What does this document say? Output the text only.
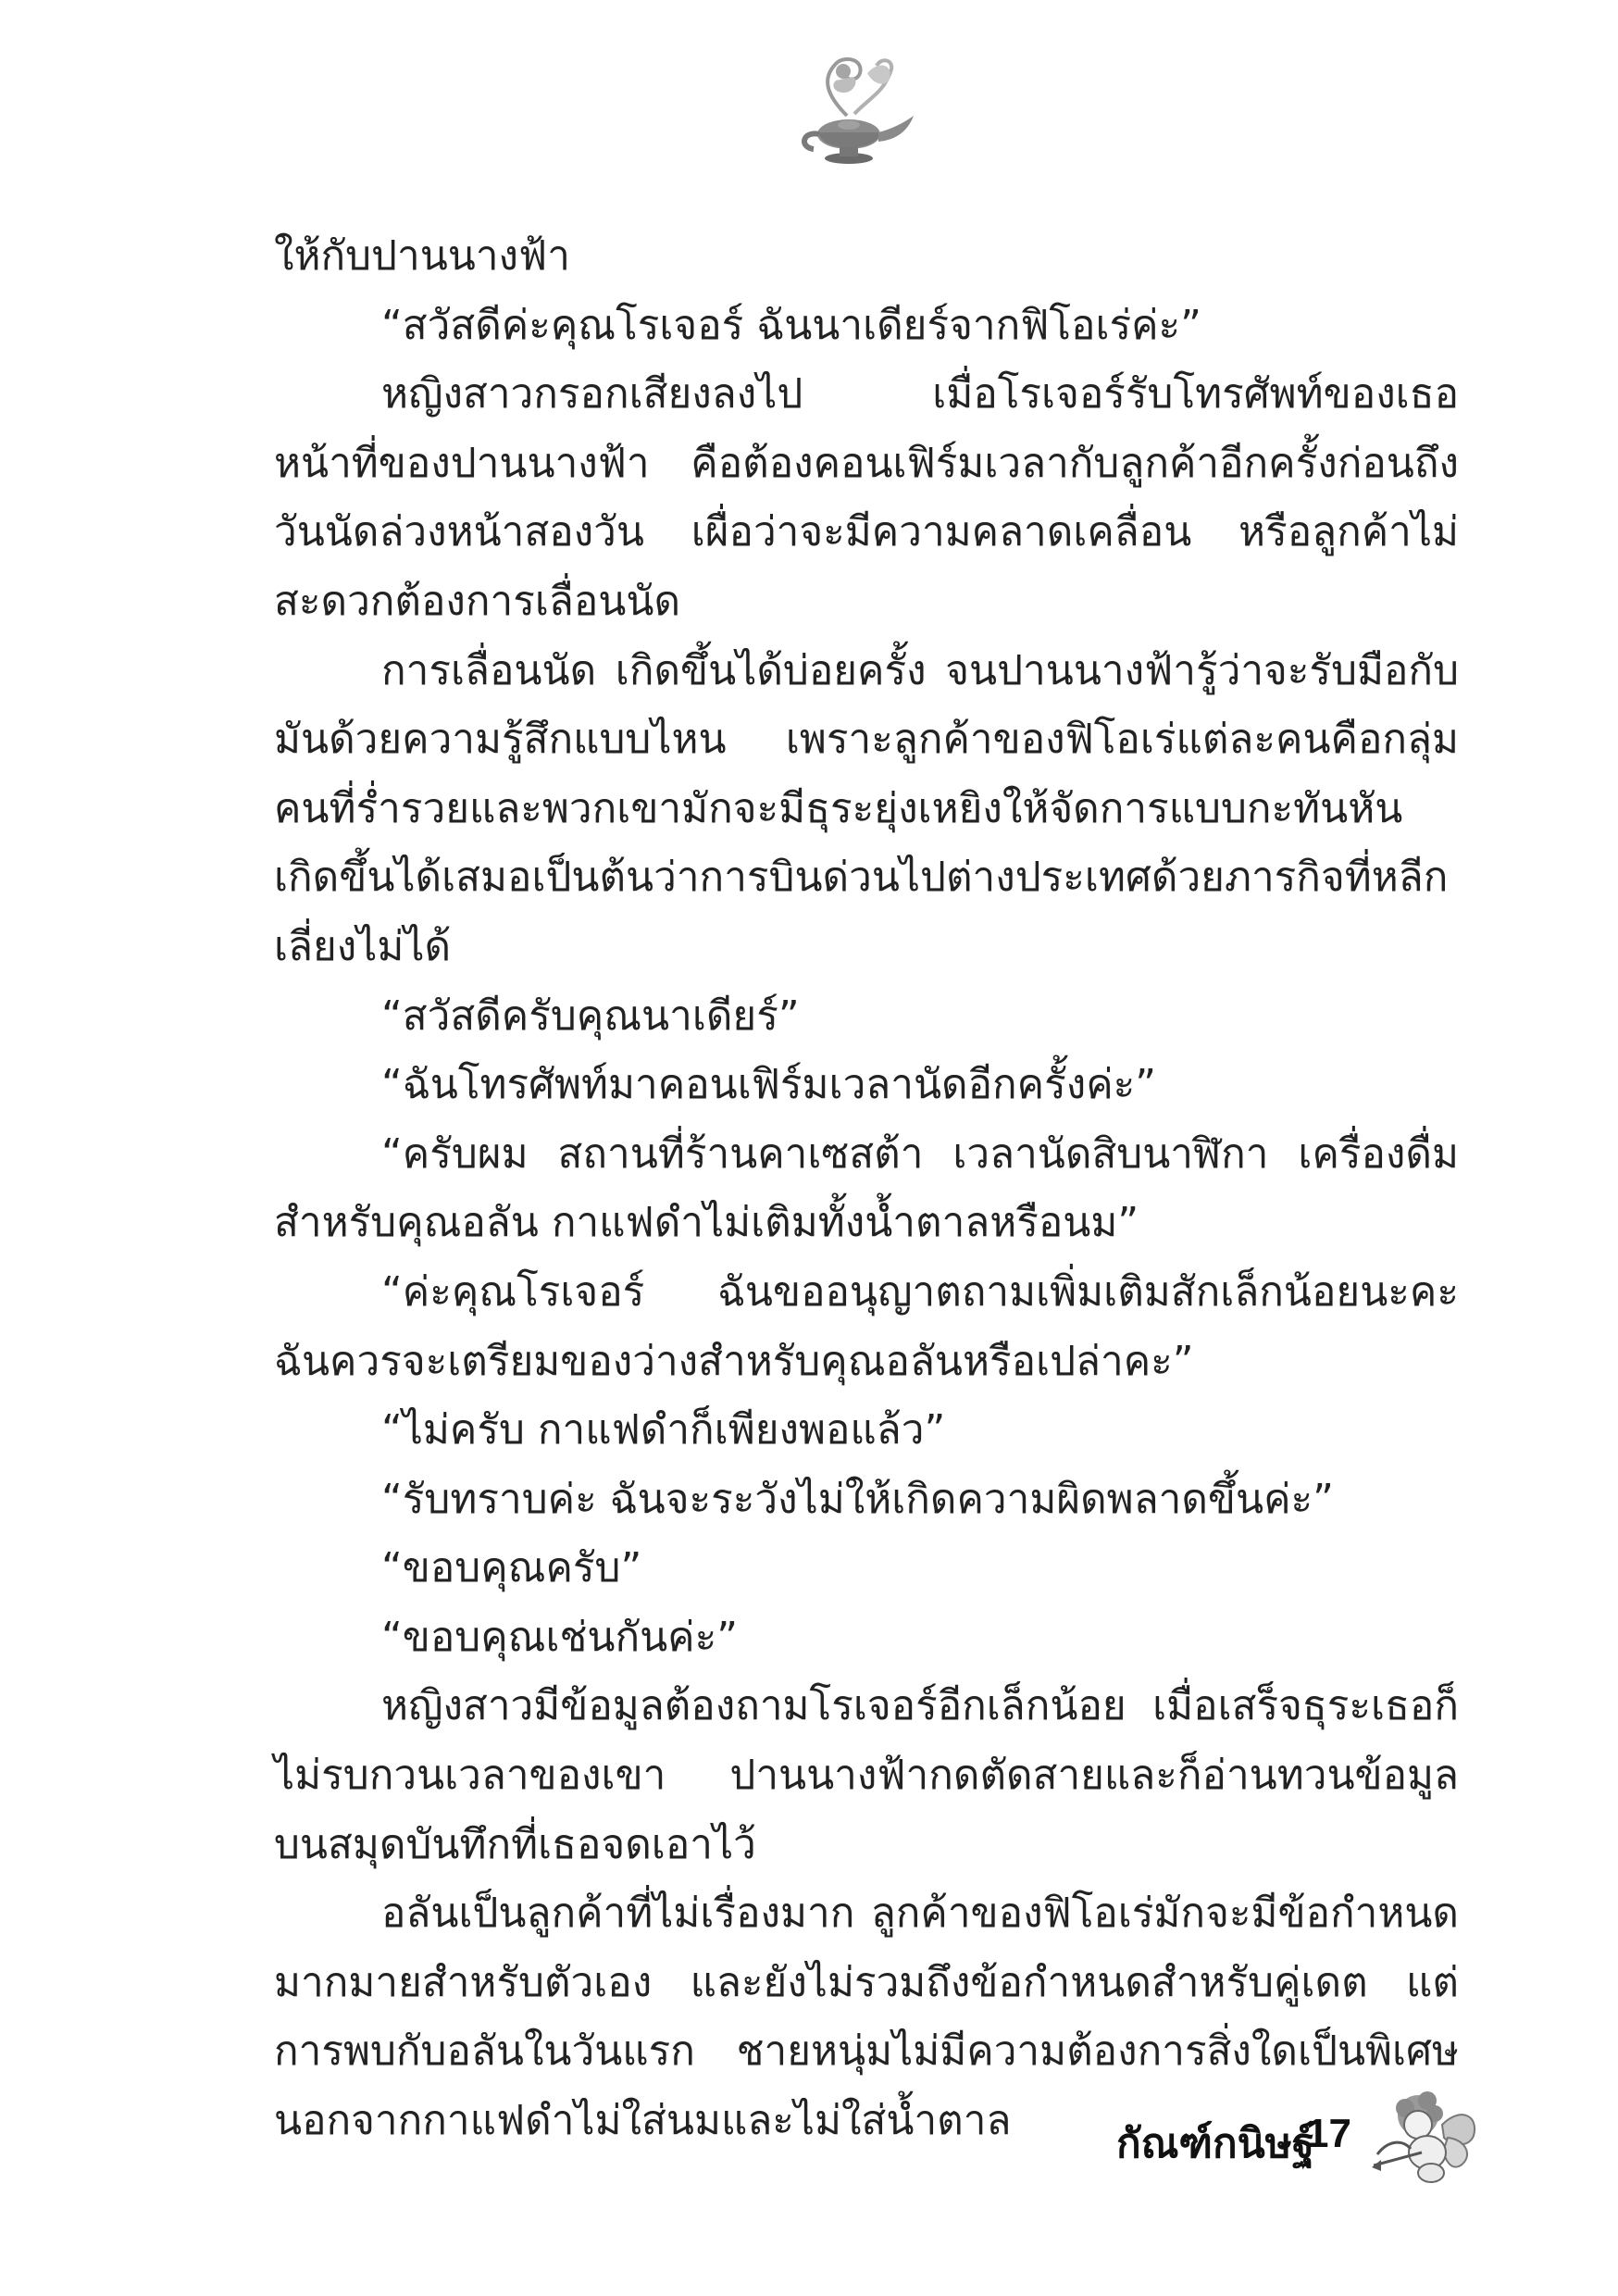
ให้กับปานนางฟ้า

“สวัสดีค่ะคุณโรเจอร์ ฉันนาเดียร์จากฟิโอเร่ค่ะ”

หญิงสาวกรอกเสียงลงไป เมื่อโรเจอร์รับโทรศัพท์ของเธอ หน้าที่ของปานนางฟ้า คือต้องคอนเฟิร์มเวลากับลูกค้าอีกครั้งก่อนถึงวันนัดล่วงหน้าสองวัน เผื่อว่าจะมีความคลาดเคลื่อน หรือลูกค้าไม่สะดวกต้องการเลื่อนนัด

การเลื่อนนัด เกิดขึ้นได้บ่อยครั้ง จนปานนางฟ้ารู้ว่าจะรับมือกับมันด้วยความรู้สึกแบบไหน เพราะลูกค้าของฟิโอเร่แต่ละคนคือกลุ่มคนที่ร่ำรวยและพวกเขามักจะมีธุระยุ่งเหยิงให้จัดการแบบกะทันหันเกิดขึ้นได้เสมอเป็นต้นว่าการบินด่วนไปต่างประเทศด้วยภารกิจที่หลีกเลี่ยงไม่ได้

“สวัสดีครับคุณนาเดียร์”

“ฉันโทรศัพท์มาคอนเฟิร์มเวลานัดอีกครั้งค่ะ”

“ครับผม สถานที่ร้านคาเซสต้า เวลานัดสิบนาฬิกา เครื่องดื่มสำหรับคุณอลัน กาแฟดำไม่เติมทั้งน้ำตาลหรือนม”

“ค่ะคุณโรเจอร์ ฉันขออนุญาตถามเพิ่มเติมสักเล็กน้อยนะคะ ฉันควรจะเตรียมของว่างสำหรับคุณอลันหรือเปล่าคะ”

“ไม่ครับ กาแฟดำก็เพียงพอแล้ว”

“รับทราบค่ะ ฉันจะระวังไม่ให้เกิดความผิดพลาดขึ้นค่ะ”

“ขอบคุณครับ”

“ขอบคุณเช่นกันค่ะ”

หญิงสาวมีข้อมูลต้องถามโรเจอร์อีกเล็กน้อย เมื่อเสร็จธุระเธอก็ไม่รบกวนเวลาของเขา ปานนางฟ้ากดตัดสายและก็อ่านทวนข้อมูลบนสมุดบันทึกที่เธอจดเอาไว้

อลันเป็นลูกค้าที่ไม่เรื่องมาก ลูกค้าของฟิโอเร่มักจะมีข้อกำหนดมากมายสำหรับตัวเอง และยังไม่รวมถึงข้อกำหนดสำหรับคู่เดต แต่การพบกับอลันในวันแรก ชายหนุ่มไม่มีความต้องการสิ่งใดเป็นพิเศษนอกจากกาแฟดำไม่ใส่นมและไม่ใส่น้ำตาล	กัณฑ์กนิษฐ์
17
